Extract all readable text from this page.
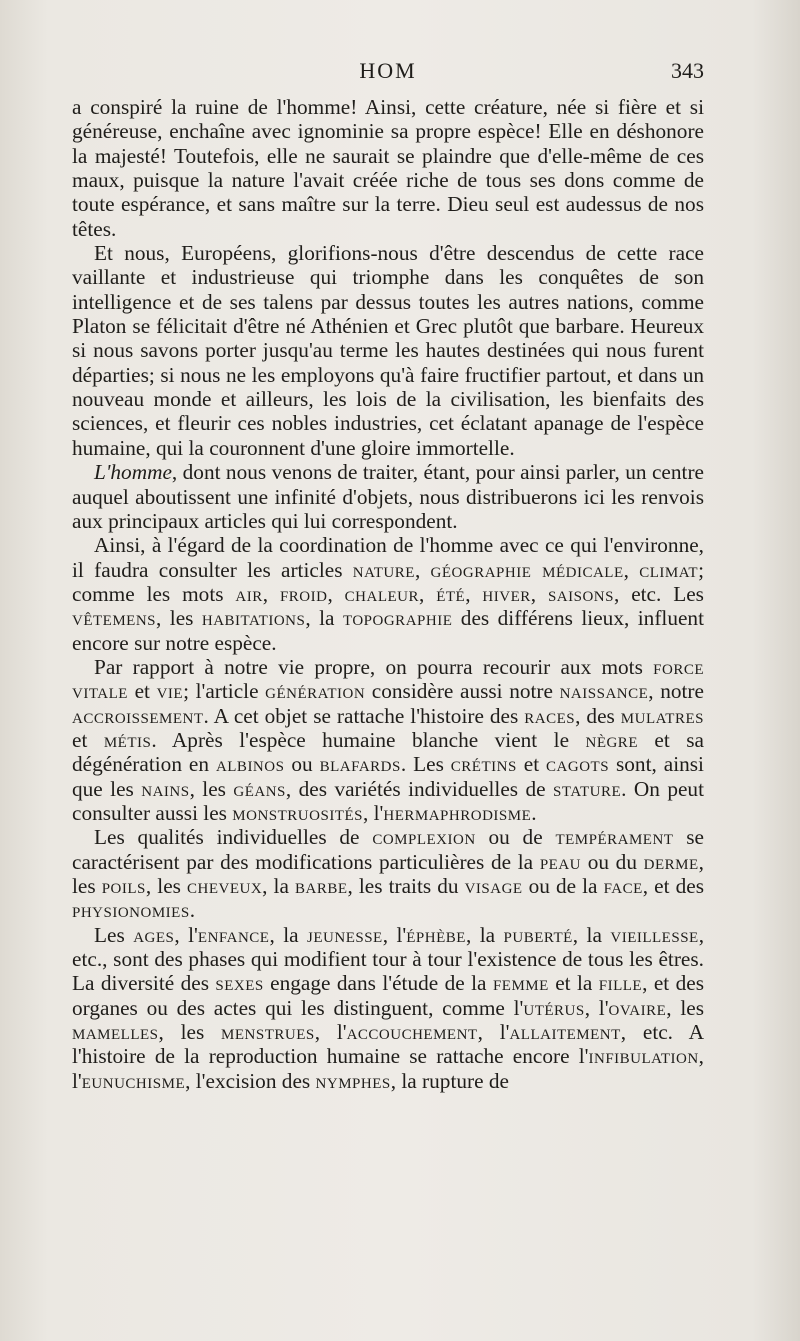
HOM	343

a conspiré la ruine de l'homme! Ainsi, cette créature, née si fière et si généreuse, enchaîne avec ignominie sa propre espèce! Elle en déshonore la majesté! Toutefois, elle ne saurait se plaindre que d'elle-même de ces maux, puisque la nature l'avait créée riche de tous ses dons comme de toute espérance, et sans maître sur la terre. Dieu seul est audessus de nos têtes.

Et nous, Européens, glorifions-nous d'être descendus de cette race vaillante et industrieuse qui triomphe dans les conquêtes de son intelligence et de ses talens par dessus toutes les autres nations, comme Platon se félicitait d'être né Athénien et Grec plutôt que barbare. Heureux si nous savons porter jusqu'au terme les hautes destinées qui nous furent départies; si nous ne les employons qu'à faire fructifier partout, et dans un nouveau monde et ailleurs, les lois de la civilisation, les bienfaits des sciences, et fleurir ces nobles industries, cet éclatant apanage de l'espèce humaine, qui la couronnent d'une gloire immortelle.

L'homme, dont nous venons de traiter, étant, pour ainsi parler, un centre auquel aboutissent une infinité d'objets, nous distribuerons ici les renvois aux principaux articles qui lui correspondent.

Ainsi, à l'égard de la coordination de l'homme avec ce qui l'environne, il faudra consulter les articles nature, géographie médicale, climat; comme les mots air, froid, chaleur, été, hiver, saisons, etc. Les vêtemens, les habitations, la topographie des différens lieux, influent encore sur notre espèce.

Par rapport à notre vie propre, on pourra recourir aux mots force vitale et vie; l'article génération considère aussi notre naissance, notre accroissement. A cet objet se rattache l'histoire des races, des mulatres et métis. Après l'espèce humaine blanche vient le nègre et sa dégénération en albinos ou blafards. Les crétins et cagots sont, ainsi que les nains, les géans, des variétés individuelles de stature. On peut consulter aussi les monstruosités, l'hermaphrodisme.

Les qualités individuelles de complexion ou de tempérament se caractérisent par des modifications particulières de la peau ou du derme, les poils, les cheveux, la barbe, les traits du visage ou de la face, et des physionomies.

Les ages, l'enfance, la jeunesse, l'éphèbe, la puberté, la vieillesse, etc., sont des phases qui modifient tour à tour l'existence de tous les êtres. La diversité des sexes engage dans l'étude de la femme et la fille, et des organes ou des actes qui les distinguent, comme l'utérus, l'ovaire, les mamelles, les menstrues, l'accouchement, l'allaitement, etc. A l'histoire de la reproduction humaine se rattache encore l'infibulation, l'eunuchisme, l'excision des nymphes, la rupture de
